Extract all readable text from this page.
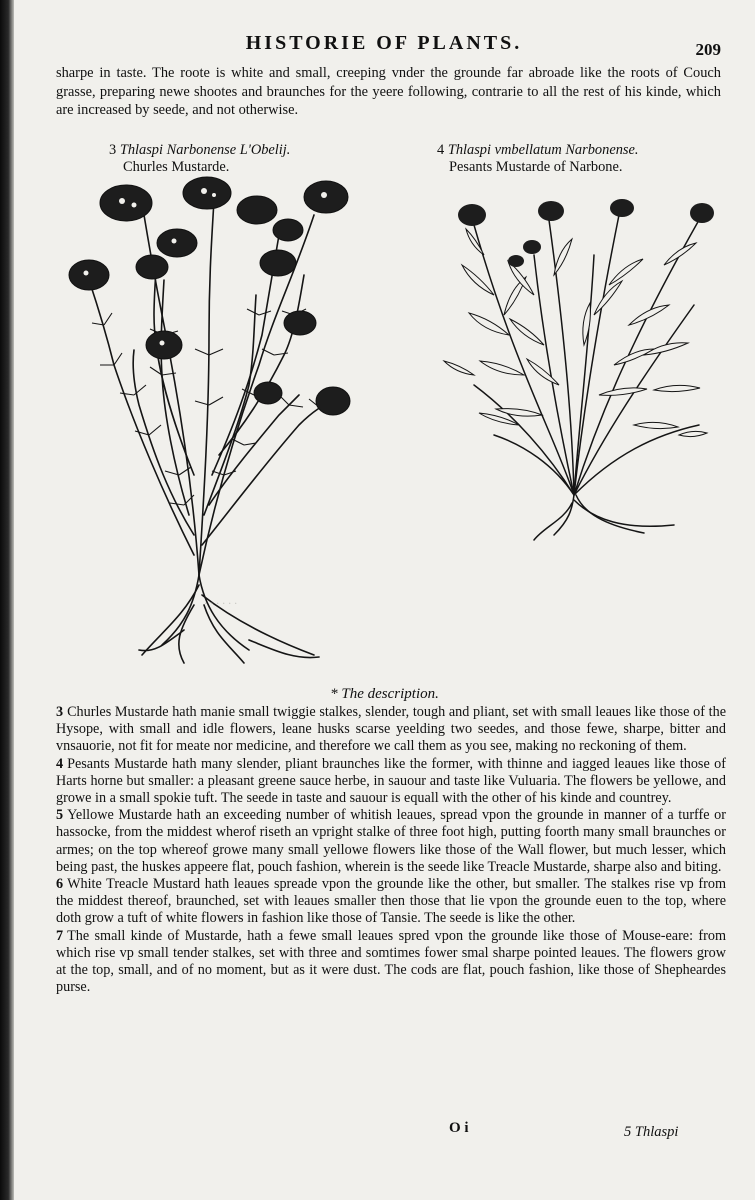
HISTORIE OF PLANTS.	209

sharpe in taste. The roote is white and small, creeping vnder the grounde far abroade like the roots of Couch grasse, preparing newe shootes and braunches for the yeere following, contrarie to all the rest of his kinde, which are increased by seede, and not otherwise.

3 Thlaspi Narbonense L'Obelij.
Churles Mustarde.
4 Thlaspi vmbellatum Narbonense.
Pesants Mustarde of Narbone.
· · · · · ·
* The description.

3 Churles Mustarde hath manie small twiggie stalkes, slender, tough and pliant, set with small leaues like those of the Hysope, with small and idle flowers, leane husks scarse yeelding two seedes, and those fewe, sharpe, bitter and vnsauorie, not fit for meate nor medicine, and therefore we call them as you see, making no reckoning of them.

4 Pesants Mustarde hath many slender, pliant braunches like the former, with thinne and iagged leaues like those of Harts horne but smaller: a pleasant greene sauce herbe, in sauour and taste like Vuluaria. The flowers be yellowe, and growe in a small spokie tuft. The seede in taste and sauour is equall with the other of his kinde and countrey.

5 Yellowe Mustarde hath an exceeding number of whitish leaues, spread vpon the grounde in manner of a turffe or hassocke, from the middest wherof riseth an vpright stalke of three foot high, putting foorth many small braunches or armes; on the top whereof growe many small yellowe flowers like those of the Wall flower, but much lesser, which being past, the huskes appeere flat, pouch fashion, wherein is the seede like Treacle Mustarde, sharpe also and biting.

6 White Treacle Mustard hath leaues spreade vpon the grounde like the other, but smaller. The stalkes rise vp from the middest thereof, braunched, set with leaues smaller then those that lie vpon the grounde euen to the top, where doth grow a tuft of white flowers in fashion like those of Tansie. The seede is like the other.

7 The small kinde of Mustarde, hath a fewe small leaues spred vpon the grounde like those of Mouse-eare: from which rise vp small tender stalkes, set with three and somtimes fower smal sharpe pointed leaues. The flowers grow at the top, small, and of no moment, but as it were dust. The cods are flat, pouch fashion, like those of Shepheardes purse.

O i	5 Thlaspi
